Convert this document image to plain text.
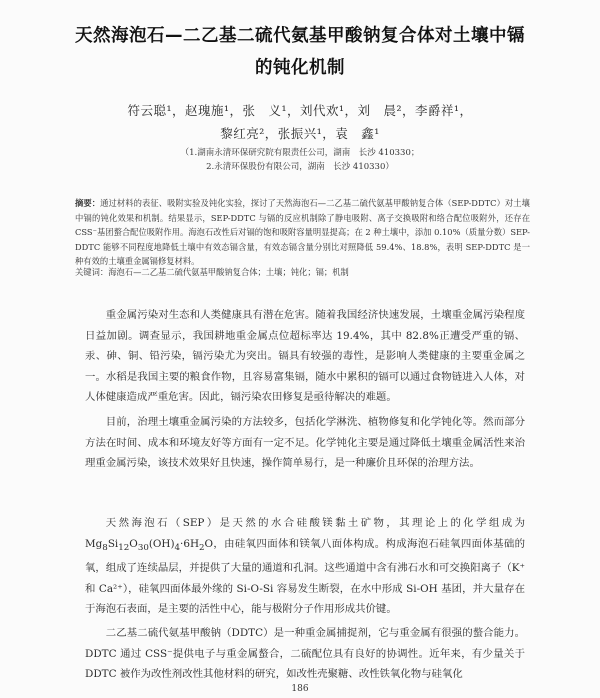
天然海泡石—二乙基二硫代氨基甲酸钠复合体对土壤中镉
的钝化机制
符云聪¹，赵瑰施¹，张　义¹，刘代欢¹，刘　晨²，李爵祥¹，
黎红亮²，张振兴¹，袁　鑫¹
（1.湖南永清环保研究院有限责任公司，湖南　长沙 410330；
2.永清环保股份有限公司，湖南　长沙 410330）
摘要：通过材料的表征、吸附实验及钝化实验，探讨了天然海泡石—二乙基二硫代氨基甲酸钠复合体（SEP-DDTC）对土壤中镉的钝化效果和机制。结果显示，SEP-DDTC 与镉的反应机制除了静电吸附、离子交换吸附和络合配位吸附外，还存在 CSS⁻基团螯合配位吸附作用。海泡石改性后对镉的饱和吸附容量明显提高；在 2 种土壤中，添加 0.10%（质量分数）SEP-DDTC 能够不同程度地降低土壤中有效态镉含量，有效态镉含量分别比对照降低 59.4%、18.8%，表明 SEP-DDTC 是一种有效的土壤重金属镉修复材料。
关键词：海泡石—二乙基二硫代氨基甲酸钠复合体；土壤；钝化；镉；机制

重金属污染对生态和人类健康具有潜在危害。随着我国经济快速发展，土壤重金属污染程度日益加剧。调查显示，我国耕地重金属点位超标率达 19.4%，其中 82.8%正遭受严重的镉、汞、砷、铜、铅污染，镉污染尤为突出。镉具有较强的毒性，是影响人类健康的主要重金属之一。水稻是我国主要的粮食作物，且容易富集镉，随水中累积的镉可以通过食物链进入人体，对人体健康造成严重危害。因此，镉污染农田修复是亟待解决的难题。

目前，治理土壤重金属污染的方法较多，包括化学淋洗、植物修复和化学钝化等。然而部分方法在时间、成本和环境友好等方面有一定不足。化学钝化主要是通过降低土壤重金属活性来治理重金属污染，该技术效果好且快速，操作简单易行，是一种廉价且环保的治理方法。

天然海泡石（SEP）是天然的水合硅酸镁黏土矿物，其理论上的化学组成为 $Mg_8Si_{12}O_{30}(OH)_4\cdot 6H_2O$，由硅氧四面体和镁氧八面体构成。构成海泡石硅氧四面体基础的氧，组成了连续晶层，并提供了大量的通道和孔洞。这些通道中含有沸石水和可交换阳离子（K⁺和 Ca²⁺），硅氧四面体最外缘的 Si-O-Si 容易发生断裂，在水中形成 Si-OH 基团，并大量存在于海泡石表面，是主要的活性中心，能与极附分子作用形成共价键。

二乙基二硫代氨基甲酸钠（DDTC）是一种重金属捕捉剂，它与重金属有很强的螯合能力。DDTC 通过 CSS⁻提供电子与重金属螯合，二硫配位具有良好的协调性。近年来，有少量关于 DDTC 被作为改性剂改性其他材料的研究，如改性壳聚糖、改性铁氧化物与硅氧化

186
